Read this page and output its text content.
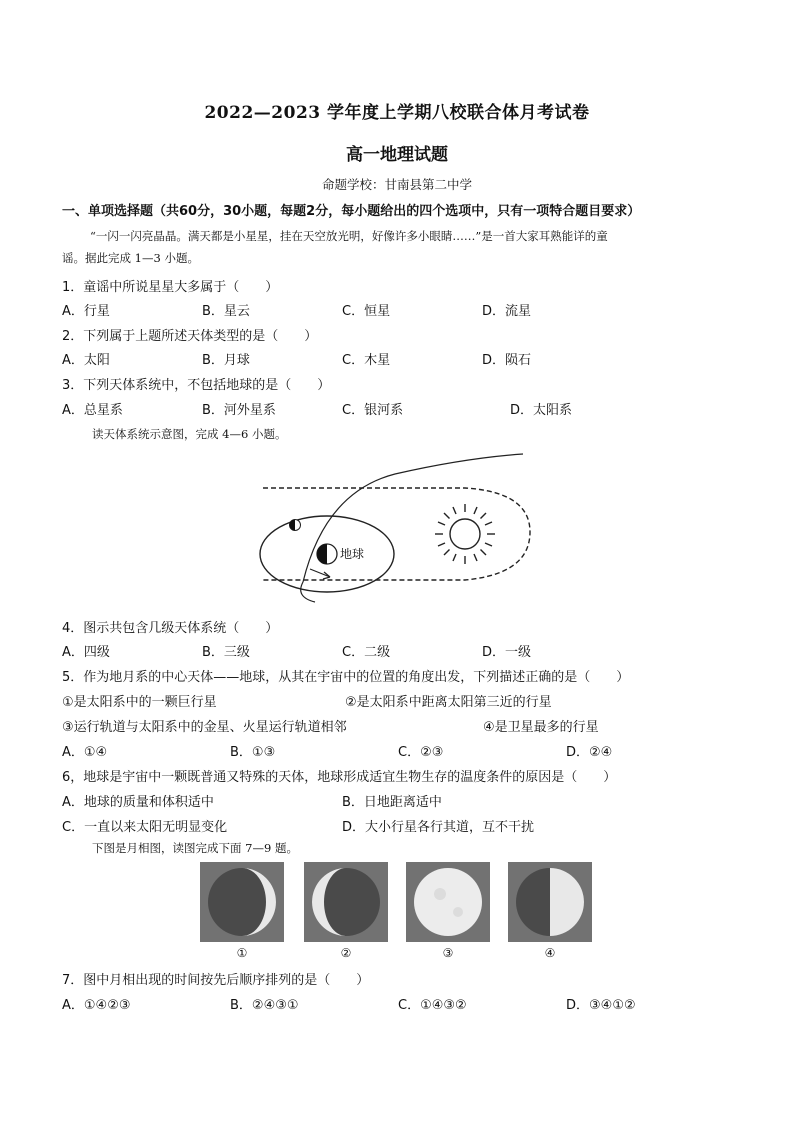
2022—2023 学年度上学期八校联合体月考试卷
高一地理试题
命题学校：甘南县第二中学
一、单项选择题（共60分，30小题，每题2分，每小题给出的四个选项中，只有一项特合题目要求）
“一闪一闪亮晶晶。满天都是小星星，挂在天空放光明，好像许多小眼睛……”是一首大家耳熟能详的童
谣。据此完成 1—3 小题。
1．童谣中所说星星大多属于（　　）
A．行星	B．星云	C．恒星	D．流星
2．下列属于上题所述天体类型的是（　　）
A．太阳	B．月球	C．木星	D．陨石
3．下列天体系统中，不包括地球的是（　　）
A．总星系	B．河外星系	C．银河系	D．太阳系
读天体系统示意图，完成 4—6 小题。
地球
4．图示共包含几级天体系统（　　）
A．四级	B．三级	C．二级	D．一级
5．作为地月系的中心天体——地球，从其在宇宙中的位置的角度出发，下列描述正确的是（　　）
①是太阳系中的一颗巨行星	②是太阳系中距离太阳第三近的行星
③运行轨道与太阳系中的金星、火星运行轨道相邻	④是卫星最多的行星
A．①④	B．①③	C．②③	D．②④
6，地球是宇宙中一颗既普通又特殊的天体，地球形成适宜生物生存的温度条件的原因是（　　）
A．地球的质量和体积适中	B．日地距离适中
C．一直以来太阳无明显变化	D．大小行星各行其道，互不干扰
下图是月相图，读图完成下面 7—9 题。
①	②	③	④
7．图中月相出现的时间按先后顺序排列的是（　　）
A．①④②③	B．②④③①	C．①④③②	D．③④①②
